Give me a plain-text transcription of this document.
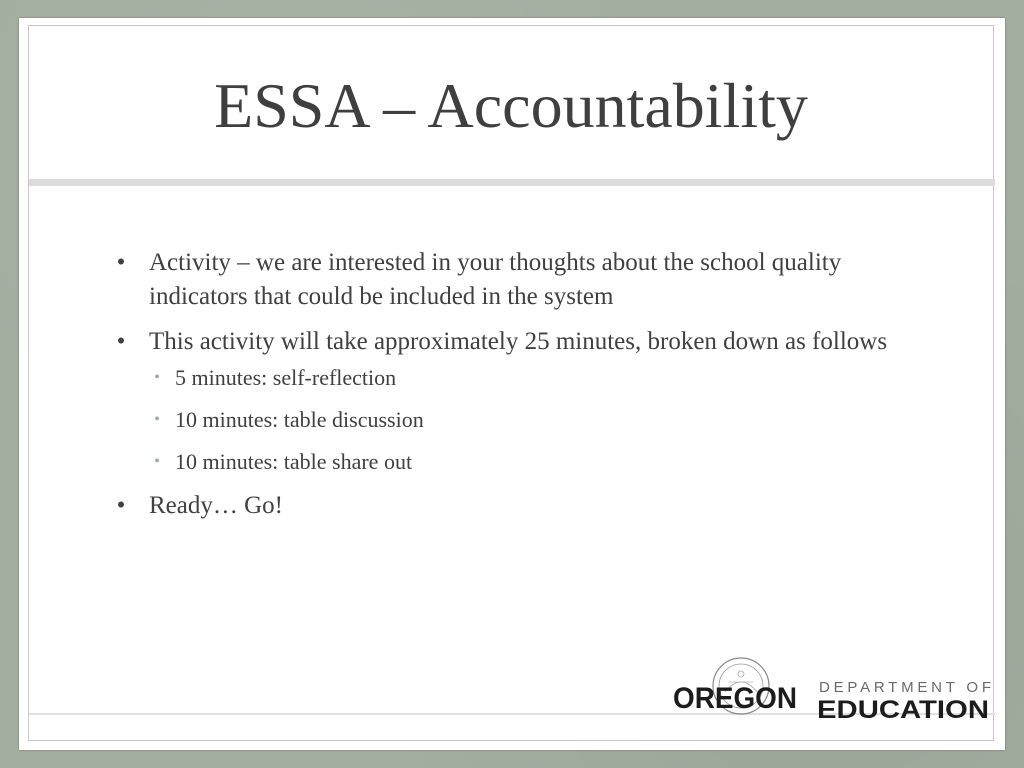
ESSA – Accountability
• Activity – we are interested in your thoughts about the school quality indicators that could be included in the system
• This activity will take approximately 25 minutes, broken down as follows
• 5 minutes: self-reflection
• 10 minutes: table discussion
• 10 minutes: table share out
• Ready… Go!
OREGON DEPARTMENT OF
EDUCATION
